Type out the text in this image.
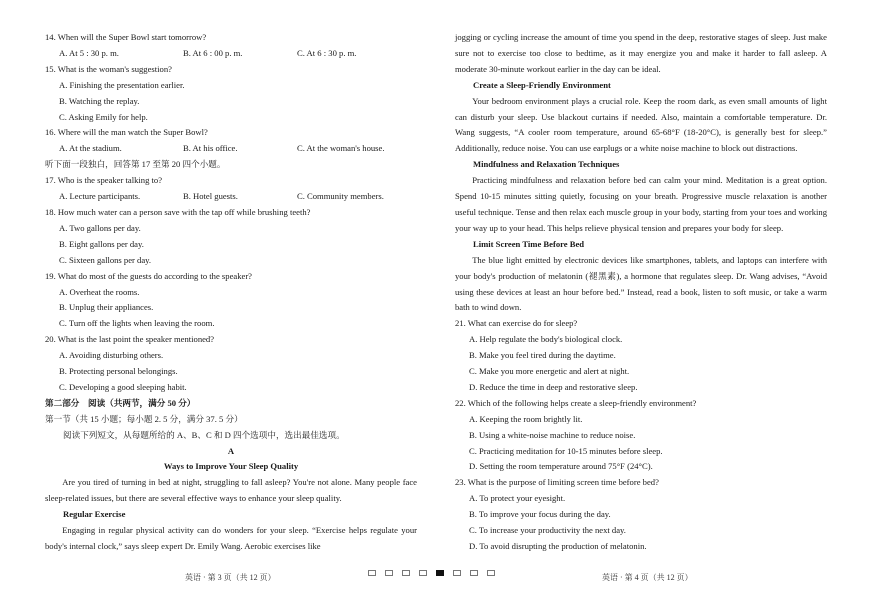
14. When will the Super Bowl start tomorrow?
A. At 5 : 30 p. m.	B. At 6 : 00 p. m.	C. At 6 : 30 p. m.
15. What is the woman's suggestion?
A. Finishing the presentation earlier.
B. Watching the replay.
C. Asking Emily for help.
16. Where will the man watch the Super Bowl?
A. At the stadium.	B. At his office.	C. At the woman's house.
听下面一段独白，回答第 17 至第 20 四个小题。
17. Who is the speaker talking to?
A. Lecture participants.	B. Hotel guests.	C. Community members.
18. How much water can a person save with the tap off while brushing teeth?
A. Two gallons per day.
B. Eight gallons per day.
C. Sixteen gallons per day.
19. What do most of the guests do according to the speaker?
A. Overheat the rooms.
B. Unplug their appliances.
C. Turn off the lights when leaving the room.
20. What is the last point the speaker mentioned?
A. Avoiding disturbing others.
B. Protecting personal belongings.
C. Developing a good sleeping habit.
第二部分　阅读（共两节，满分 50 分）
第一节（共 15 小题；每小题 2. 5 分，满分 37. 5 分）
阅读下列短文，从每题所给的 A、B、C 和 D 四个选项中，选出最佳选项。
A
Ways to Improve Your Sleep Quality
Are you tired of turning in bed at night, struggling to fall asleep? You're not alone. Many people face sleep-related issues, but there are several effective ways to enhance your sleep quality.
Regular Exercise
Engaging in regular physical activity can do wonders for your sleep. “Exercise helps regulate your body's internal clock,” says sleep expert Dr. Emily Wang. Aerobic exercises like
jogging or cycling increase the amount of time you spend in the deep, restorative stages of sleep. Just make sure not to exercise too close to bedtime, as it may energize you and make it harder to fall asleep. A moderate 30-minute workout earlier in the day can be ideal.
Create a Sleep-Friendly Environment
Your bedroom environment plays a crucial role. Keep the room dark, as even small amounts of light can disturb your sleep. Use blackout curtains if needed. Also, maintain a comfortable temperature. Dr. Wang suggests, “A cooler room temperature, around 65-68°F (18-20°C), is generally best for sleep.” Additionally, reduce noise. You can use earplugs or a white noise machine to block out distractions.
Mindfulness and Relaxation Techniques
Practicing mindfulness and relaxation before bed can calm your mind. Meditation is a great option. Spend 10-15 minutes sitting quietly, focusing on your breath. Progressive muscle relaxation is another useful technique. Tense and then relax each muscle group in your body, starting from your toes and working your way up to your head. This helps relieve physical tension and prepares your body for sleep.
Limit Screen Time Before Bed
The blue light emitted by electronic devices like smartphones, tablets, and laptops can interfere with your body's production of melatonin (褪黑素), a hormone that regulates sleep. Dr. Wang advises, “Avoid using these devices at least an hour before bed.” Instead, read a book, listen to soft music, or take a warm bath to wind down.
21. What can exercise do for sleep?
A. Help regulate the body's biological clock.
B. Make you feel tired during the daytime.
C. Make you more energetic and alert at night.
D. Reduce the time in deep and restorative sleep.
22. Which of the following helps create a sleep-friendly environment?
A. Keeping the room brightly lit.
B. Using a white-noise machine to reduce noise.
C. Practicing meditation for 10-15 minutes before sleep.
D. Setting the room temperature around 75°F (24°C).
23. What is the purpose of limiting screen time before bed?
A. To protect your eyesight.
B. To improve your focus during the day.
C. To increase your productivity the next day.
D. To avoid disrupting the production of melatonin.
英语 · 第 3 页（共 12 页）	英语 · 第 4 页（共 12 页）
